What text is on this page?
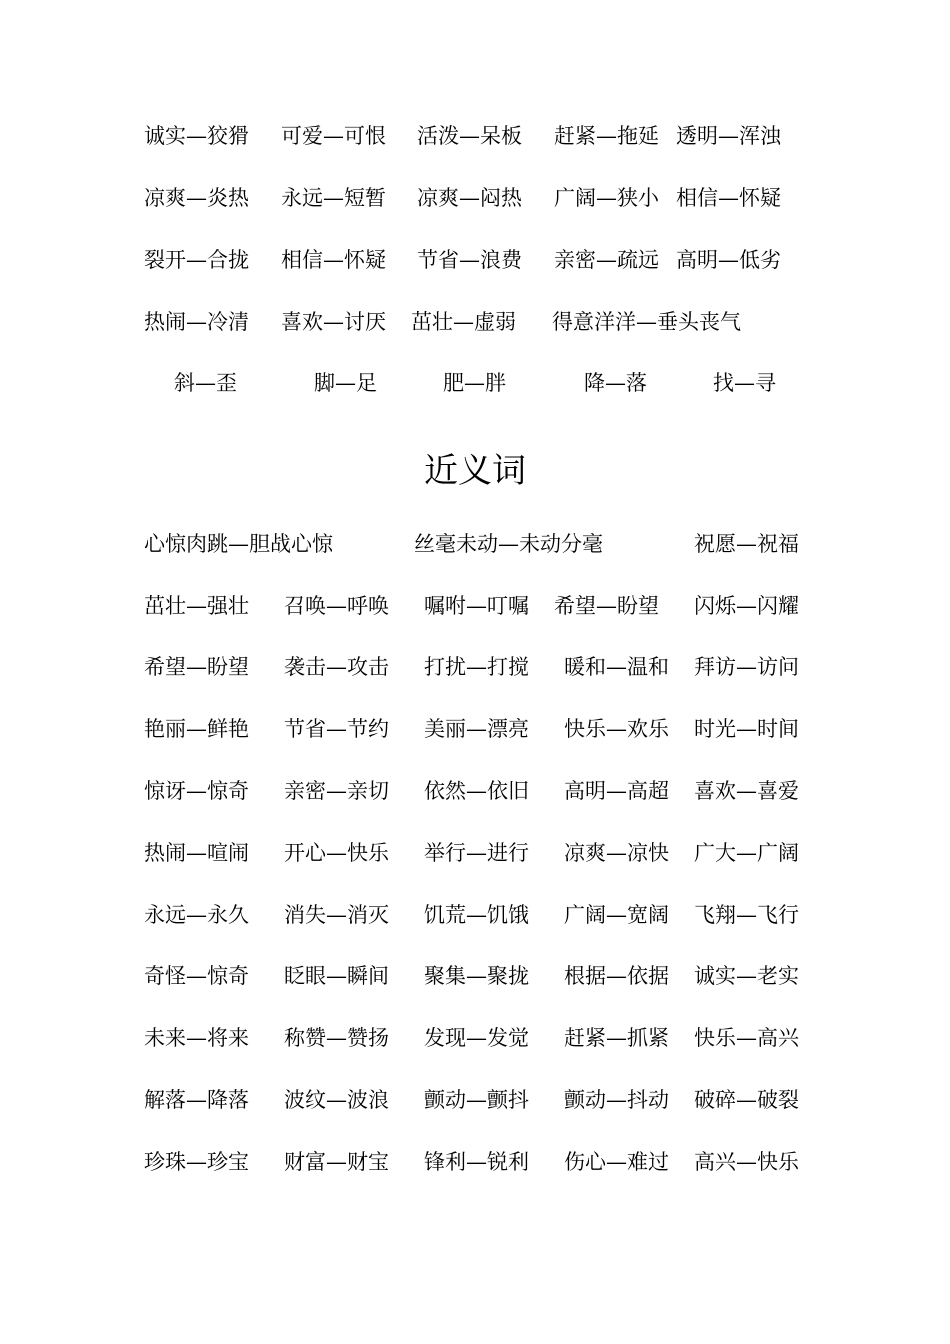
诚实—狡猾 可爱—可恨 活泼—呆板 赶紧—拖延 透明—浑浊
凉爽—炎热 永远—短暂 凉爽—闷热 广阔—狭小 相信—怀疑
裂开—合拢 相信—怀疑 节省—浪费 亲密—疏远 高明—低劣
热闹—冷清 喜欢—讨厌 茁壮—虚弱 得意洋洋—垂头丧气
斜—歪	脚—足	肥—胖	降—落	找—寻
近义词
心惊肉跳—胆战心惊	丝毫未动—未动分毫	祝愿—祝福
茁壮—强壮 召唤—呼唤 嘱咐—叮嘱 希望—盼望 闪烁—闪耀
希望—盼望 袭击—攻击 打扰—打搅 暖和—温和 拜访—访问
艳丽—鲜艳 节省—节约 美丽—漂亮 快乐—欢乐 时光—时间
惊讶—惊奇 亲密—亲切 依然—依旧 高明—高超 喜欢—喜爱
热闹—喧闹 开心—快乐 举行—进行 凉爽—凉快 广大—广阔
永远—永久 消失—消灭 饥荒—饥饿 广阔—宽阔 飞翔—飞行
奇怪—惊奇 眨眼—瞬间 聚集—聚拢 根据—依据 诚实—老实
未来—将来 称赞—赞扬 发现—发觉 赶紧—抓紧 快乐—高兴
解落—降落 波纹—波浪 颤动—颤抖 颤动—抖动 破碎—破裂
珍珠—珍宝 财富—财宝 锋利—锐利 伤心—难过 高兴—快乐
